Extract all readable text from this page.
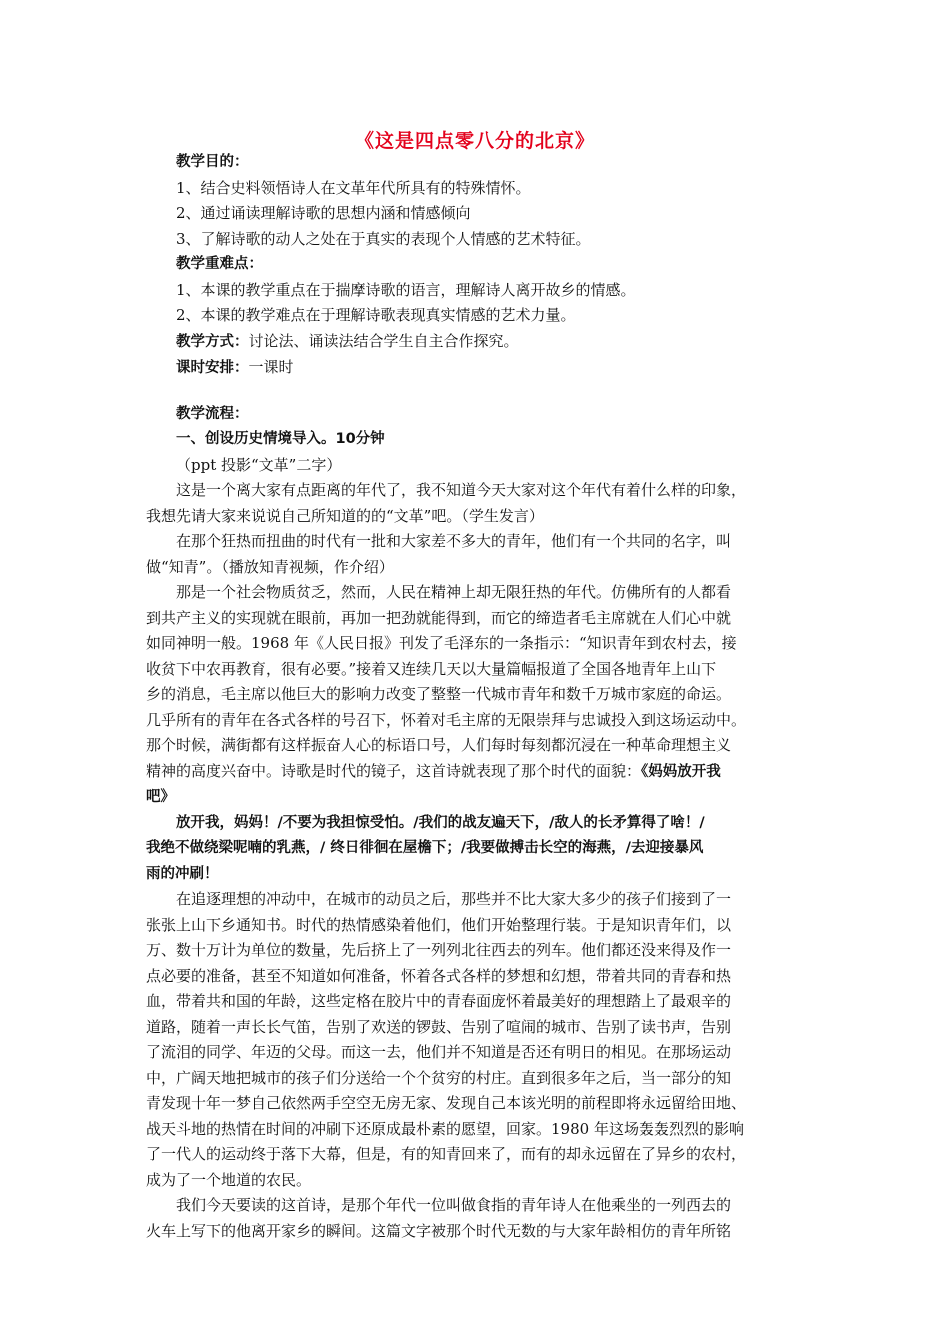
《这是四点零八分的北京》
教学目的：
1、结合史料领悟诗人在文革年代所具有的特殊情怀。
2、通过诵读理解诗歌的思想内涵和情感倾向
3、了解诗歌的动人之处在于真实的表现个人情感的艺术特征。
教学重难点：
1、本课的教学重点在于揣摩诗歌的语言，理解诗人离开故乡的情感。
2、本课的教学难点在于理解诗歌表现真实情感的艺术力量。
教学方式：讨论法、诵读法结合学生自主合作探究。
课时安排：一课时
教学流程：
一、创设历史情境导入。10分钟
（ppt 投影“文革”二字）
这是一个离大家有点距离的年代了，我不知道今天大家对这个年代有着什么样的印象，
我想先请大家来说说自己所知道的的“文革”吧。（学生发言）
在那个狂热而扭曲的时代有一批和大家差不多大的青年，他们有一个共同的名字，叫
做“知青”。（播放知青视频，作介绍）
那是一个社会物质贫乏，然而，人民在精神上却无限狂热的年代。仿佛所有的人都看
到共产主义的实现就在眼前，再加一把劲就能得到，而它的缔造者毛主席就在人们心中就
如同神明一般。1968 年《人民日报》刊发了毛泽东的一条指示：“知识青年到农村去，接
收贫下中农再教育，很有必要。”接着又连续几天以大量篇幅报道了全国各地青年上山下
乡的消息，毛主席以他巨大的影响力改变了整整一代城市青年和数千万城市家庭的命运。
几乎所有的青年在各式各样的号召下，怀着对毛主席的无限崇拜与忠诚投入到这场运动中。
那个时候，满街都有这样振奋人心的标语口号，人们每时每刻都沉浸在一种革命理想主义
精神的高度兴奋中。诗歌是时代的镜子，这首诗就表现了那个时代的面貌：《妈妈放开我
吧》
放开我，妈妈！/不要为我担惊受怕。/我们的战友遍天下，/敌人的长矛算得了啥！/
我绝不做绕梁呢喃的乳燕，/ 终日徘徊在屋檐下；/我要做搏击长空的海燕，/去迎接暴风
雨的冲刷！
在追逐理想的冲动中，在城市的动员之后，那些并不比大家大多少的孩子们接到了一
张张上山下乡通知书。时代的热情感染着他们，他们开始整理行装。于是知识青年们，以
万、数十万计为单位的数量，先后挤上了一列列北往西去的列车。他们都还没来得及作一
点必要的准备，甚至不知道如何准备，怀着各式各样的梦想和幻想，带着共同的青春和热
血，带着共和国的年龄，这些定格在胶片中的青春面庞怀着最美好的理想踏上了最艰辛的
道路，随着一声长长气笛，告别了欢送的锣鼓、告别了喧闹的城市、告别了读书声，告别
了流泪的同学、年迈的父母。而这一去，他们并不知道是否还有明日的相见。在那场运动
中，广阔天地把城市的孩子们分送给一个个贫穷的村庄。直到很多年之后，当一部分的知
青发现十年一梦自己依然两手空空无房无家、发现自己本该光明的前程即将永远留给田地、
战天斗地的热情在时间的冲刷下还原成最朴素的愿望，回家。1980 年这场轰轰烈烈的影响
了一代人的运动终于落下大幕，但是，有的知青回来了，而有的却永远留在了异乡的农村，
成为了一个地道的农民。
我们今天要读的这首诗，是那个年代一位叫做食指的青年诗人在他乘坐的一列西去的
火车上写下的他离开家乡的瞬间。这篇文字被那个时代无数的与大家年龄相仿的青年所铭
